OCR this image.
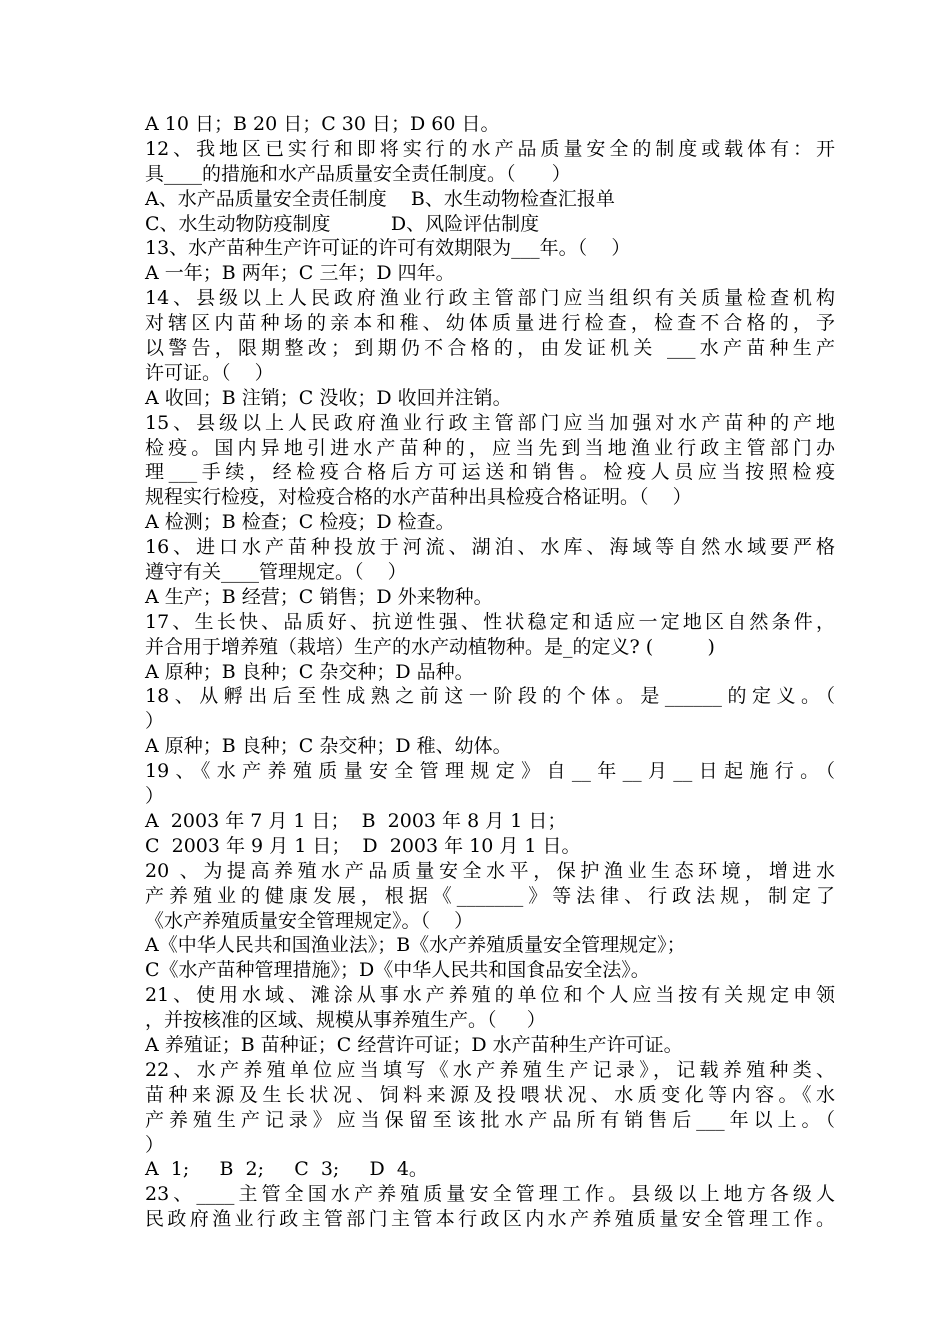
A 10 日；B 20 日；C 30 日；D 60 日。
12、我地区已实行和即将实行的水产品质量安全的制度或载体有：开
具____的措施和水产品质量安全责任制度。（      ）
A、水产品质量安全责任制度    B、水生动物检查汇报单
C、水生动物防疫制度          D、风险评估制度
13、水产苗种生产许可证的许可有效期限为___年。（    ）
A 一年；B 两年；C 三年；D 四年。
14、县级以上人民政府渔业行政主管部门应当组织有关质量检查机构
对辖区内苗种场的亲本和稚、幼体质量进行检查，检查不合格的，予
以警告，限期整改；到期仍不合格的，由发证机关 ___水产苗种生产
许可证。（    ）
A 收回；B 注销；C 没收；D 收回并注销。
15、县级以上人民政府渔业行政主管部门应当加强对水产苗种的产地
检疫。国内异地引进水产苗种的，应当先到当地渔业行政主管部门办
理___手续，经检疫合格后方可运送和销售。检疫人员应当按照检疫
规程实行检疫，对检疫合格的水产苗种出具检疫合格证明。（    ）
A 检测；B 检查；C 检疫；D 检查。
16、进口水产苗种投放于河流、湖泊、水库、海域等自然水域要严格
遵守有关____管理规定。（    ）
A 生产；B 经营；C 销售；D 外来物种。
17、生长快、品质好、抗逆性强、性状稳定和适应一定地区自然条件，
并合用于增养殖（栽培）生产的水产动植物种。是_的定义? (         )
A 原种；B 良种；C 杂交种；D 品种。
18、从孵出后至性成熟之前这一阶段的个体。是______的定义。（
）
A 原种；B 良种；C 杂交种；D 稚、幼体。
19、《水产养殖质量安全管理规定》自__年__月__日起施行。（
）
A  2003 年 7 月 1 日；  B  2003 年 8 月 1 日；
C  2003 年 9 月 1 日；  D  2003 年 10 月 1 日。
20 、为提高养殖水产品质量安全水平，保护渔业生态环境，增进水
产养殖业的健康发展，根据《_______》等法律、行政法规，制定了
《水产养殖质量安全管理规定》。（    ）
A《中华人民共和国渔业法》；B《水产养殖质量安全管理规定》；
C《水产苗种管理措施》；D《中华人民共和国食品安全法》。
21、使用水域、滩涂从事水产养殖的单位和个人应当按有关规定申领
，并按核准的区域、规模从事养殖生产。（     ）
A 养殖证；B 苗种证；C 经营许可证；D 水产苗种生产许可证。
22、水产养殖单位应当填写《水产养殖生产记录》，记载养殖种类、
苗种来源及生长状况、饲料来源及投喂状况、水质变化等内容。《水
产养殖生产记录》应当保留至该批水产品所有销售后___年以上。（
）
A  1;     B  2;     C  3;     D  4。
23、____主管全国水产养殖质量安全管理工作。县级以上地方各级人
民政府渔业行政主管部门主管本行政区内水产养殖质量安全管理工作。
